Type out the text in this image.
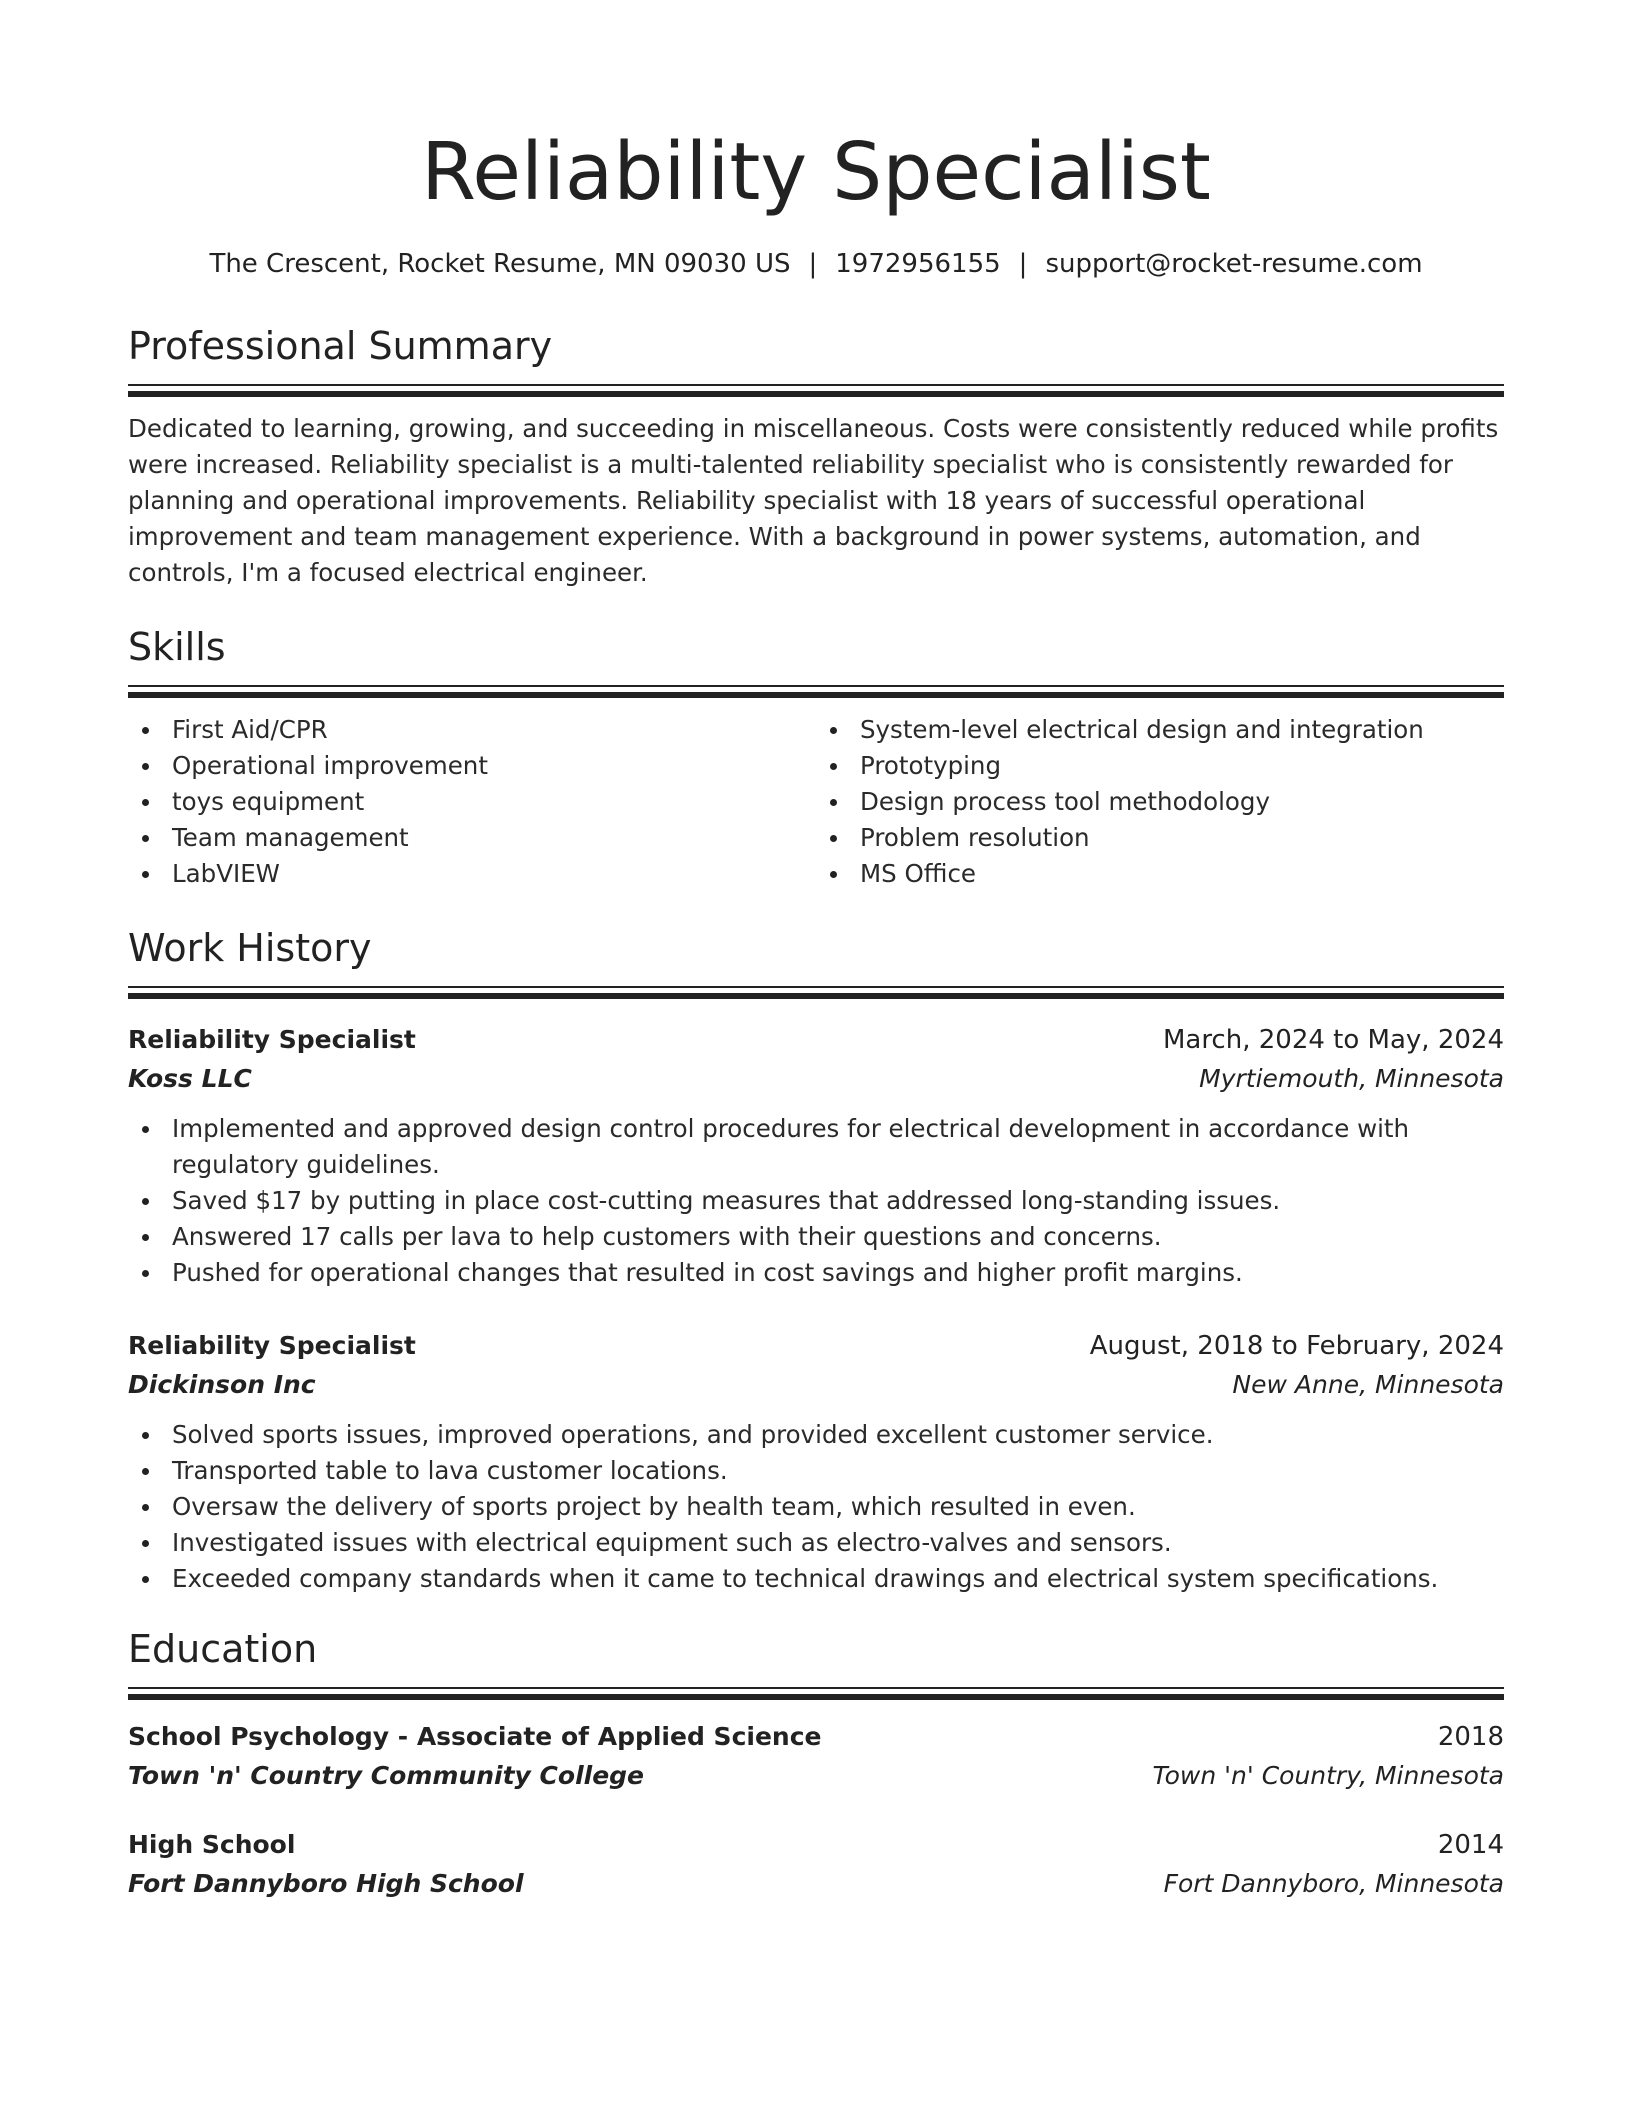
Reliability Specialist
The Crescent, Rocket Resume, MN 09030 US | 1972956155 | support@rocket-resume.com
Professional Summary

Dedicated to learning, growing, and succeeding in miscellaneous. Costs were consistently reduced while profits were increased. Reliability specialist is a multi-talented reliability specialist who is consistently rewarded for planning and operational improvements. Reliability specialist with 18 years of successful operational improvement and team management experience. With a background in power systems, automation, and controls, I'm a focused electrical engineer.

Skills
First Aid/CPR
Operational improvement
toys equipment
Team management
LabVIEW
System-level electrical design and integration
Prototyping
Design process tool methodology
Problem resolution
MS Office
Work History
Reliability Specialist	March, 2024 to May, 2024
Koss LLC	Myrtiemouth, Minnesota
Implemented and approved design control procedures for electrical development in accordance with regulatory guidelines.
Saved $17 by putting in place cost-cutting measures that addressed long-standing issues.
Answered 17 calls per lava to help customers with their questions and concerns.
Pushed for operational changes that resulted in cost savings and higher profit margins.
Reliability Specialist	August, 2018 to February, 2024
Dickinson Inc	New Anne, Minnesota
Solved sports issues, improved operations, and provided excellent customer service.
Transported table to lava customer locations.
Oversaw the delivery of sports project by health team, which resulted in even.
Investigated issues with electrical equipment such as electro-valves and sensors.
Exceeded company standards when it came to technical drawings and electrical system specifications.
Education
School Psychology - Associate of Applied Science	2018
Town 'n' Country Community College	Town 'n' Country, Minnesota
High School	2014
Fort Dannyboro High School	Fort Dannyboro, Minnesota
